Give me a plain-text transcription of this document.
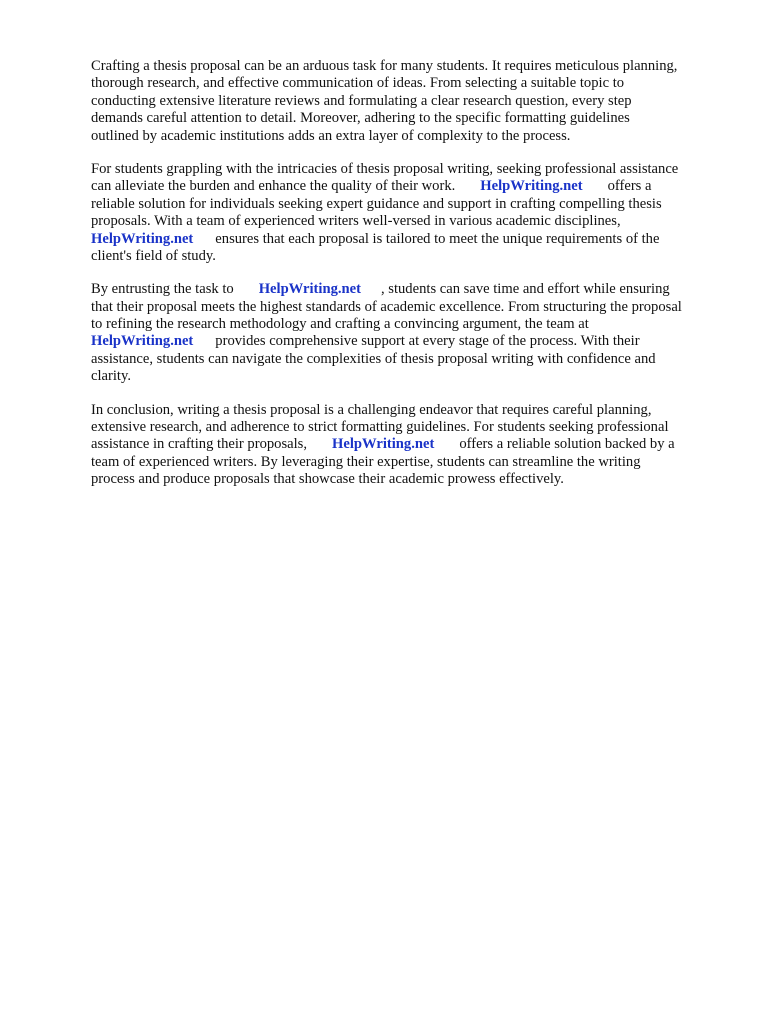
Crafting a thesis proposal can be an arduous task for many students. It requires meticulous planning,
thorough research, and effective communication of ideas. From selecting a suitable topic to
conducting extensive literature reviews and formulating a clear research question, every step
demands careful attention to detail. Moreover, adhering to the specific formatting guidelines
outlined by academic institutions adds an extra layer of complexity to the process.

For students grappling with the intricacies of thesis proposal writing, seeking professional assistance
can alleviate the burden and enhance the quality of their work. HelpWriting.net offers a
reliable solution for individuals seeking expert guidance and support in crafting compelling thesis
proposals. With a team of experienced writers well-versed in various academic disciplines,
HelpWriting.net ensures that each proposal is tailored to meet the unique requirements of the
client's field of study.

By entrusting the task to HelpWriting.net , students can save time and effort while ensuring
that their proposal meets the highest standards of academic excellence. From structuring the proposal
to refining the research methodology and crafting a convincing argument, the team at
HelpWriting.net provides comprehensive support at every stage of the process. With their
assistance, students can navigate the complexities of thesis proposal writing with confidence and
clarity.

In conclusion, writing a thesis proposal is a challenging endeavor that requires careful planning,
extensive research, and adherence to strict formatting guidelines. For students seeking professional
assistance in crafting their proposals, HelpWriting.net offers a reliable solution backed by a
team of experienced writers. By leveraging their expertise, students can streamline the writing
process and produce proposals that showcase their academic prowess effectively.
